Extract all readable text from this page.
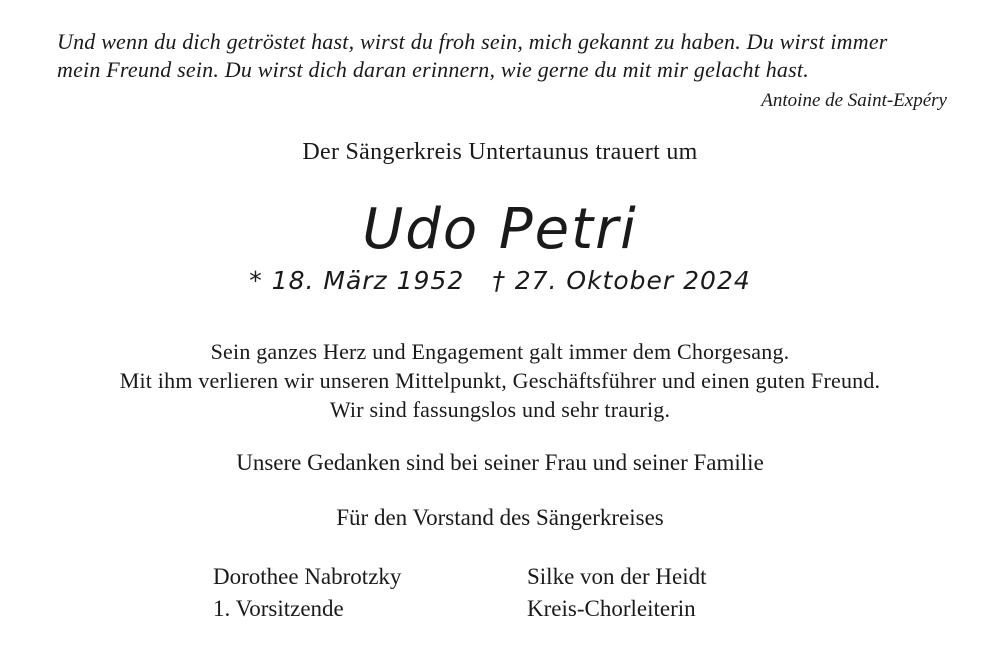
Und wenn du dich getröstet hast, wirst du froh sein, mich gekannt zu haben. Du wirst immer

mein Freund sein. Du wirst dich daran erinnern, wie gerne du mit mir gelacht hast.

Antoine de Saint-Expéry

Der Sängerkreis Untertaunus trauert um

Udo Petri
* 18. März 1952 † 27. Oktober 2024

Sein ganzes Herz und Engagement galt immer dem Chorgesang.

Mit ihm verlieren wir unseren Mittelpunkt, Geschäftsführer und einen guten Freund.

Wir sind fassungslos und sehr traurig.

Unsere Gedanken sind bei seiner Frau und seiner Familie

Für den Vorstand des Sängerkreises

Dorothee Nabrotzky

1. Vorsitzende

Silke von der Heidt

Kreis-Chorleiterin
